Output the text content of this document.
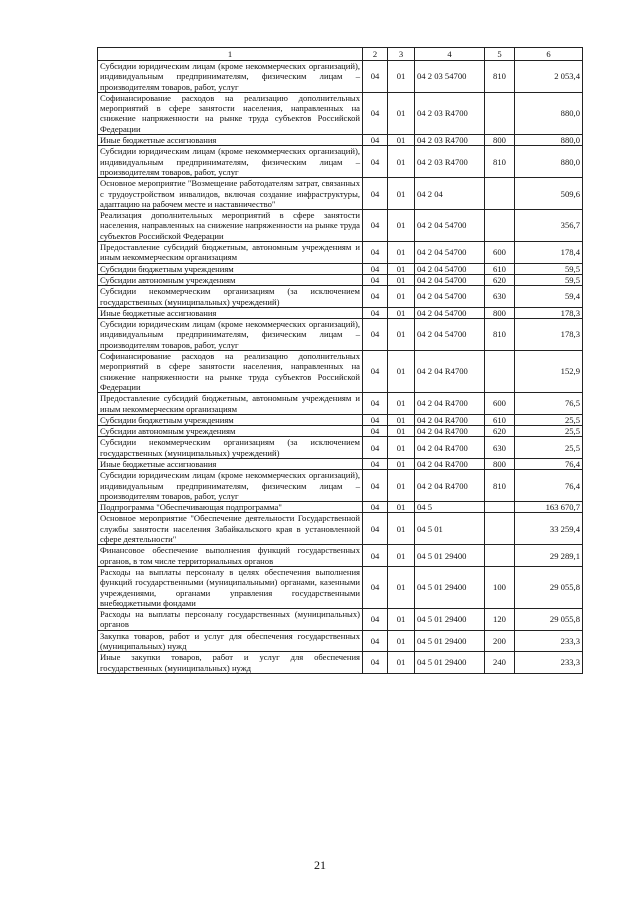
1	2	3	4	5	6
Субсидии юридическим лицам (кроме некоммерческих организаций), индивидуальным предпринимателям, физическим лицам – производителям товаров, работ, услуг	04	01	04 2 03 54700	810	2 053,4
Софинансирование расходов на реализацию дополнительных мероприятий в сфере занятости населения, направленных на снижение напряженности на рынке труда субъектов Российской Федерации	04	01	04 2 03 R4700		880,0
Иные бюджетные ассигнования	04	01	04 2 03 R4700	800	880,0
Субсидии юридическим лицам (кроме некоммерческих организаций), индивидуальным предпринимателям, физическим лицам – производителям товаров, работ, услуг	04	01	04 2 03 R4700	810	880,0
Основное мероприятие "Возмещение работодателям затрат, связанных с трудоустройством инвалидов, включая создание инфраструктуры, адаптацию на рабочем месте и наставничество"	04	01	04 2 04		509,6
Реализация дополнительных мероприятий в сфере занятости населения, направленных на снижение напряженности на рынке труда субъектов Российской Федерации	04	01	04 2 04 54700		356,7
Предоставление субсидий бюджетным, автономным учреждениям и иным некоммерческим организациям	04	01	04 2 04 54700	600	178,4
Субсидии бюджетным учреждениям	04	01	04 2 04 54700	610	59,5
Субсидии автономным учреждениям	04	01	04 2 04 54700	620	59,5
Субсидии некоммерческим организациям (за исключением государственных (муниципальных) учреждений)	04	01	04 2 04 54700	630	59,4
Иные бюджетные ассигнования	04	01	04 2 04 54700	800	178,3
Субсидии юридическим лицам (кроме некоммерческих организаций), индивидуальным предпринимателям, физическим лицам – производителям товаров, работ, услуг	04	01	04 2 04 54700	810	178,3
Софинансирование расходов на реализацию дополнительных мероприятий в сфере занятости населения, направленных на снижение напряженности на рынке труда субъектов Российской Федерации	04	01	04 2 04 R4700		152,9
Предоставление субсидий бюджетным, автономным учреждениям и иным некоммерческим организациям	04	01	04 2 04 R4700	600	76,5
Субсидии бюджетным учреждениям	04	01	04 2 04 R4700	610	25,5
Субсидии автономным учреждениям	04	01	04 2 04 R4700	620	25,5
Субсидии некоммерческим организациям (за исключением государственных (муниципальных) учреждений)	04	01	04 2 04 R4700	630	25,5
Иные бюджетные ассигнования	04	01	04 2 04 R4700	800	76,4
Субсидии юридическим лицам (кроме некоммерческих организаций), индивидуальным предпринимателям, физическим лицам – производителям товаров, работ, услуг	04	01	04 2 04 R4700	810	76,4
Подпрограмма "Обеспечивающая подпрограмма"	04	01	04 5		163 670,7
Основное мероприятие "Обеспечение деятельности Государственной службы занятости населения Забайкальского края в установленной сфере деятельности"	04	01	04 5 01		33 259,4
Финансовое обеспечение выполнения функций государственных органов, в том числе территориальных органов	04	01	04 5 01 29400		29 289,1
Расходы на выплаты персоналу в целях обеспечения выполнения функций государственными (муниципальными) органами, казенными учреждениями, органами управления государственными внебюджетными фондами	04	01	04 5 01 29400	100	29 055,8
Расходы на выплаты персоналу государственных (муниципальных) органов	04	01	04 5 01 29400	120	29 055,8
Закупка товаров, работ и услуг для обеспечения государственных (муниципальных) нужд	04	01	04 5 01 29400	200	233,3
Иные закупки товаров, работ и услуг для обеспечения государственных (муниципальных) нужд	04	01	04 5 01 29400	240	233,3
21
